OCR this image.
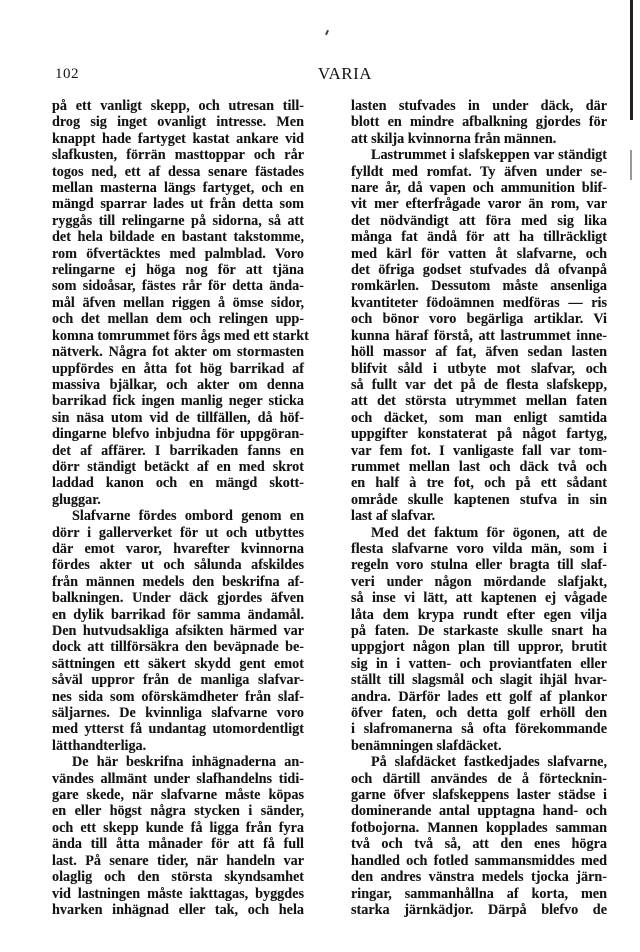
102	VARIA
på ett vanligt skepp, och utresan till-
drog sig inget ovanligt intresse. Men
knappt hade fartyget kastat ankare vid
slafkusten, förrän masttoppar och rår
togos ned, ett af dessa senare fästades
mellan masterna längs fartyget, och en
mängd sparrar lades ut från detta som
ryggås till relingarne på sidorna, så att
det hela bildade en bastant takstomme,
rom öfvertäcktes med palmblad. Voro
relingarne ej höga nog för att tjäna
som sidoåsar, fästes rår för detta ända-
mål äfven mellan riggen å ömse sidor,
och det mellan dem och relingen upp-
komna tomrummet förs ågs med ett starkt
nätverk. Några fot akter om stormasten
uppfördes en åtta fot hög barrikad af
massiva bjälkar, och akter om denna
barrikad fick ingen manlig neger sticka
sin näsa utom vid de tillfällen, då höf-
dingarne blefvo inbjudna för uppgöran-
det af affärer. I barrikaden fanns en
dörr ständigt betäckt af en med skrot
laddad kanon och en mängd skott-
gluggar.
Slafvarne fördes ombord genom en
dörr i gallerverket för ut och utbyttes
där emot varor, hvarefter kvinnorna
fördes akter ut och sålunda afskildes
från männen medels den beskrifna af-
balkningen. Under däck gjordes äfven
en dylik barrikad för samma ändamål.
Den hutvudsakliga afsikten härmed var
dock att tillförsäkra den beväpnade be-
sättningen ett säkert skydd gent emot
såväl uppror från de manliga slafvar-
nes sida som oförskämdheter från slaf-
säljarnes. De kvinnliga slafvarne voro
med ytterst få undantag utomordentligt
lätthandterliga.
De här beskrifna inhägnaderna an-
vändes allmänt under slafhandelns tidi-
gare skede, när slafvarne måste köpas
en eller högst några stycken i sänder,
och ett skepp kunde få ligga från fyra
ända till åtta månader för att få full
last. På senare tider, när handeln var
olaglig och den största skyndsamhet
vid lastningen måste iakttagas, byggdes
hvarken inhägnad eller tak, och hela
lasten stufvades in under däck, där
blott en mindre afbalkning gjordes för
att skilja kvinnorna från männen.
Lastrummet i slafskeppen var ständigt
fylldt med romfat. Ty äfven under se-
nare år, då vapen och ammunition blif-
vit mer efterfrågade varor än rom, var
det nödvändigt att föra med sig lika
många fat ändå för att ha tillräckligt
med kärl för vatten åt slafvarne, och
det öfriga godset stufvades då ofvanpå
romkärlen. Dessutom måste ansenliga
kvantiteter födoämnen medföras — ris
och bönor voro begärliga artiklar. Vi
kunna häraf förstå, att lastrummet inne-
höll massor af fat, äfven sedan lasten
blifvit såld i utbyte mot slafvar, och
så fullt var det på de flesta slafskepp,
att det största utrymmet mellan faten
och däcket, som man enligt samtida
uppgifter konstaterat på något fartyg,
var fem fot. I vanligaste fall var tom-
rummet mellan last och däck två och
en half à tre fot, och på ett sådant
område skulle kaptenen stufva in sin
last af slafvar.
Med det faktum för ögonen, att de
flesta slafvarne voro vilda män, som i
regeln voro stulna eller bragta till slaf-
veri under någon mördande slafjakt,
så inse vi lätt, att kaptenen ej vågade
låta dem krypa rundt efter egen vilja
på faten. De starkaste skulle snart ha
uppgjort någon plan till uppror, brutit
sig in i vatten- och proviantfaten eller
ställt till slagsmål och slagit ihjäl hvar-
andra. Därför lades ett golf af plankor
öfver faten, och detta golf erhöll den
i slafromanerna så ofta förekommande
benämningen slafdäcket.
På slafdäcket fastkedjades slafvarne,
och därtill användes de å förtecknin-
garne öfver slafskeppens laster städse i
dominerande antal upptagna hand- och
fotbojorna. Mannen kopplades samman
två och två så, att den enes högra
handled och fotled sammansmiddes med
den andres vänstra medels tjocka järn-
ringar, sammanhållna af korta, men
starka järnkädjor. Därpå blefvo de
